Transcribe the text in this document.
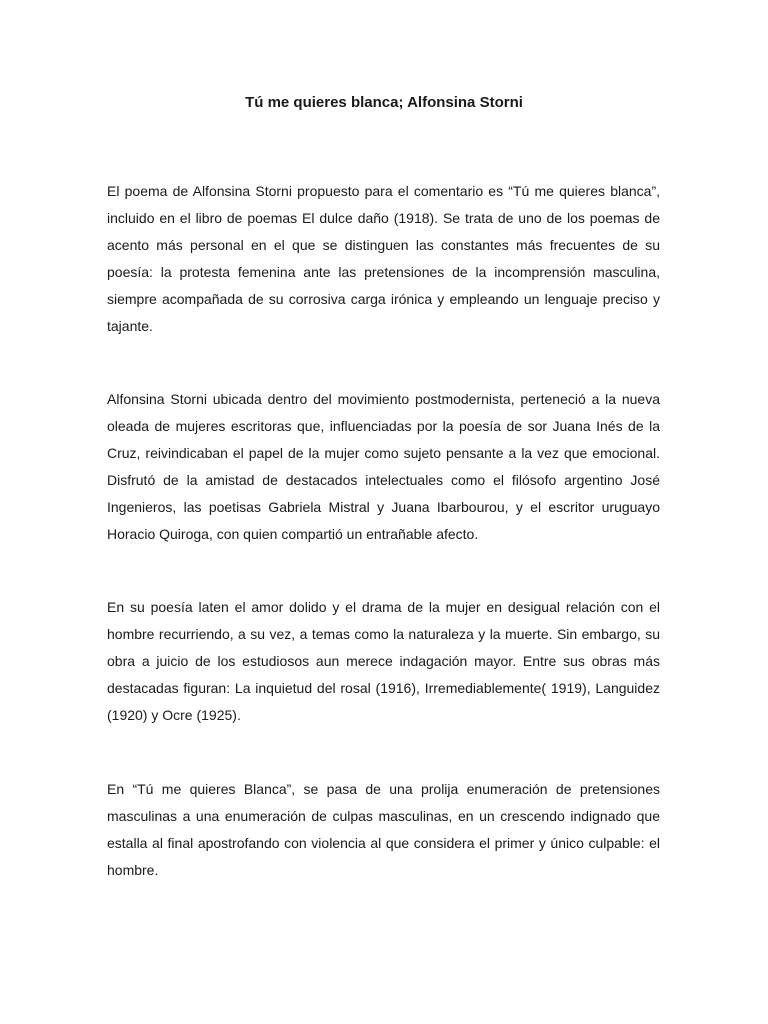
Tú me quieres blanca; Alfonsina Storni

El poema de Alfonsina Storni propuesto para el comentario es “Tú me quieres blanca”, incluido en el libro de poemas El dulce daño (1918). Se trata de uno de los poemas de acento más personal en el que se distinguen las constantes más frecuentes de su poesía: la protesta femenina ante las pretensiones de la incomprensión masculina, siempre acompañada de su corrosiva carga irónica y empleando un lenguaje preciso y tajante.

Alfonsina Storni ubicada dentro del movimiento postmodernista, perteneció a la nueva oleada de mujeres escritoras que, influenciadas por la poesía de sor Juana Inés de la Cruz, reivindicaban el papel de la mujer como sujeto pensante a la vez que emocional. Disfrutó de la amistad de destacados intelectuales como el filósofo argentino José Ingenieros, las poetisas Gabriela Mistral y Juana Ibarbourou, y el escritor uruguayo Horacio Quiroga, con quien compartió un entrañable afecto.

En su poesía laten el amor dolido y el drama de la mujer en desigual relación con el hombre recurriendo, a su vez, a temas como la naturaleza y la muerte. Sin embargo, su obra a juicio de los estudiosos aun merece indagación mayor. Entre sus obras más destacadas figuran: La inquietud del rosal (1916), Irremediablemente( 1919), Languidez (1920) y Ocre (1925).

En “Tú me quieres Blanca”, se pasa de una prolija enumeración de pretensiones masculinas a una enumeración de culpas masculinas, en un crescendo indignado que estalla al final apostrofando con violencia al que considera el primer y único culpable: el hombre.
